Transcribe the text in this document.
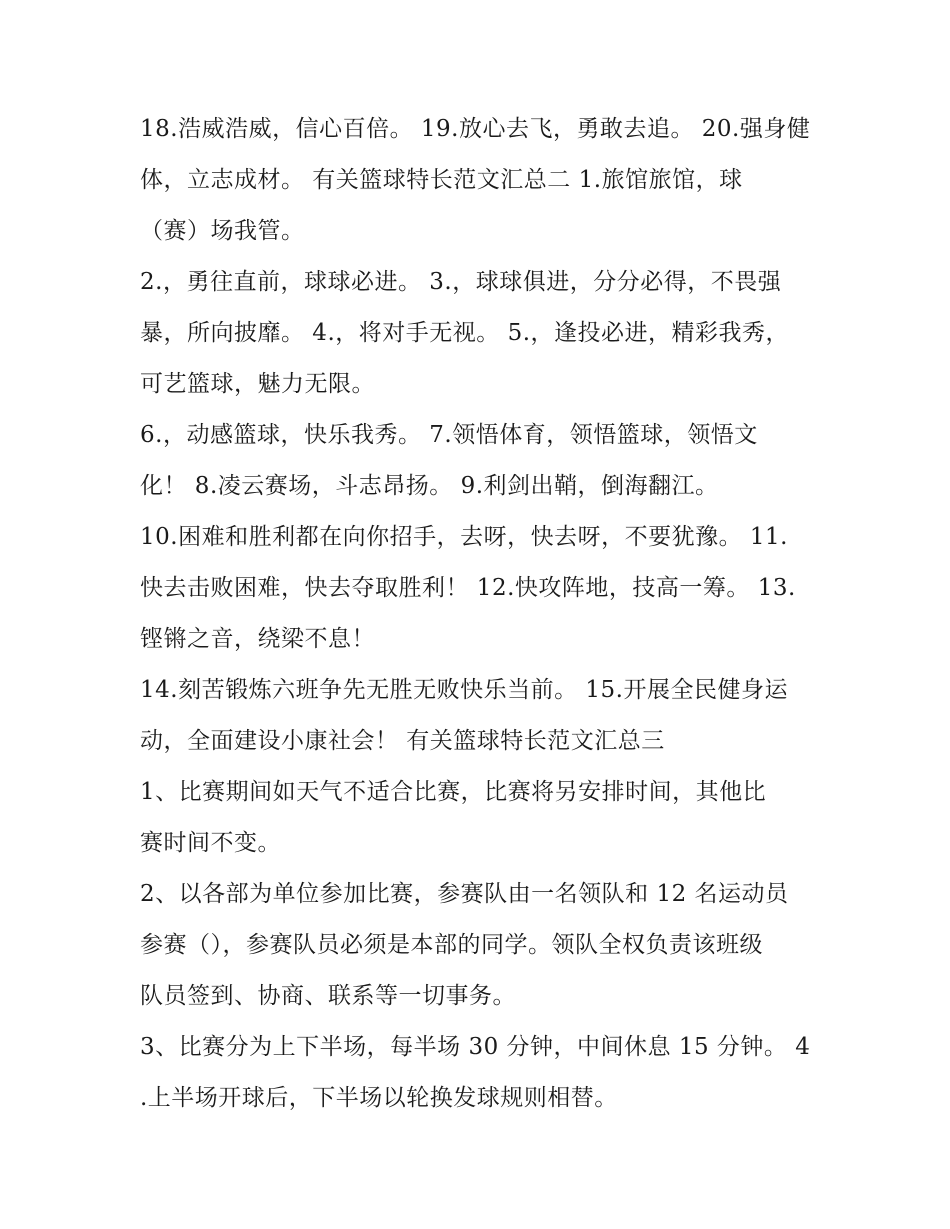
18.浩威浩威，信心百倍。 19.放心去飞，勇敢去追。 20.强身健
体，立志成材。 有关篮球特长范文汇总二 1.旅馆旅馆，球
（赛）场我管。
2.，勇往直前，球球必进。 3.，球球俱进，分分必得，不畏强
暴，所向披靡。 4.，将对手无视。 5.，逢投必进，精彩我秀，
可艺篮球，魅力无限。
6.，动感篮球，快乐我秀。 7.领悟体育，领悟篮球，领悟文
化！ 8.凌云赛场，斗志昂扬。 9.利剑出鞘，倒海翻江。
10.困难和胜利都在向你招手，去呀，快去呀，不要犹豫。 11.
快去击败困难，快去夺取胜利！ 12.快攻阵地，技高一筹。 13.
铿锵之音，绕梁不息！
14.刻苦锻炼六班争先无胜无败快乐当前。 15.开展全民健身运
动，全面建设小康社会！ 有关篮球特长范文汇总三
1、比赛期间如天气不适合比赛，比赛将另安排时间，其他比
赛时间不变。
2、以各部为单位参加比赛，参赛队由一名领队和 12 名运动员
参赛（），参赛队员必须是本部的同学。领队全权负责该班级
队员签到、协商、联系等一切事务。
3、比赛分为上下半场，每半场 30 分钟，中间休息 15 分钟。 4
.上半场开球后，下半场以轮换发球规则相替。
